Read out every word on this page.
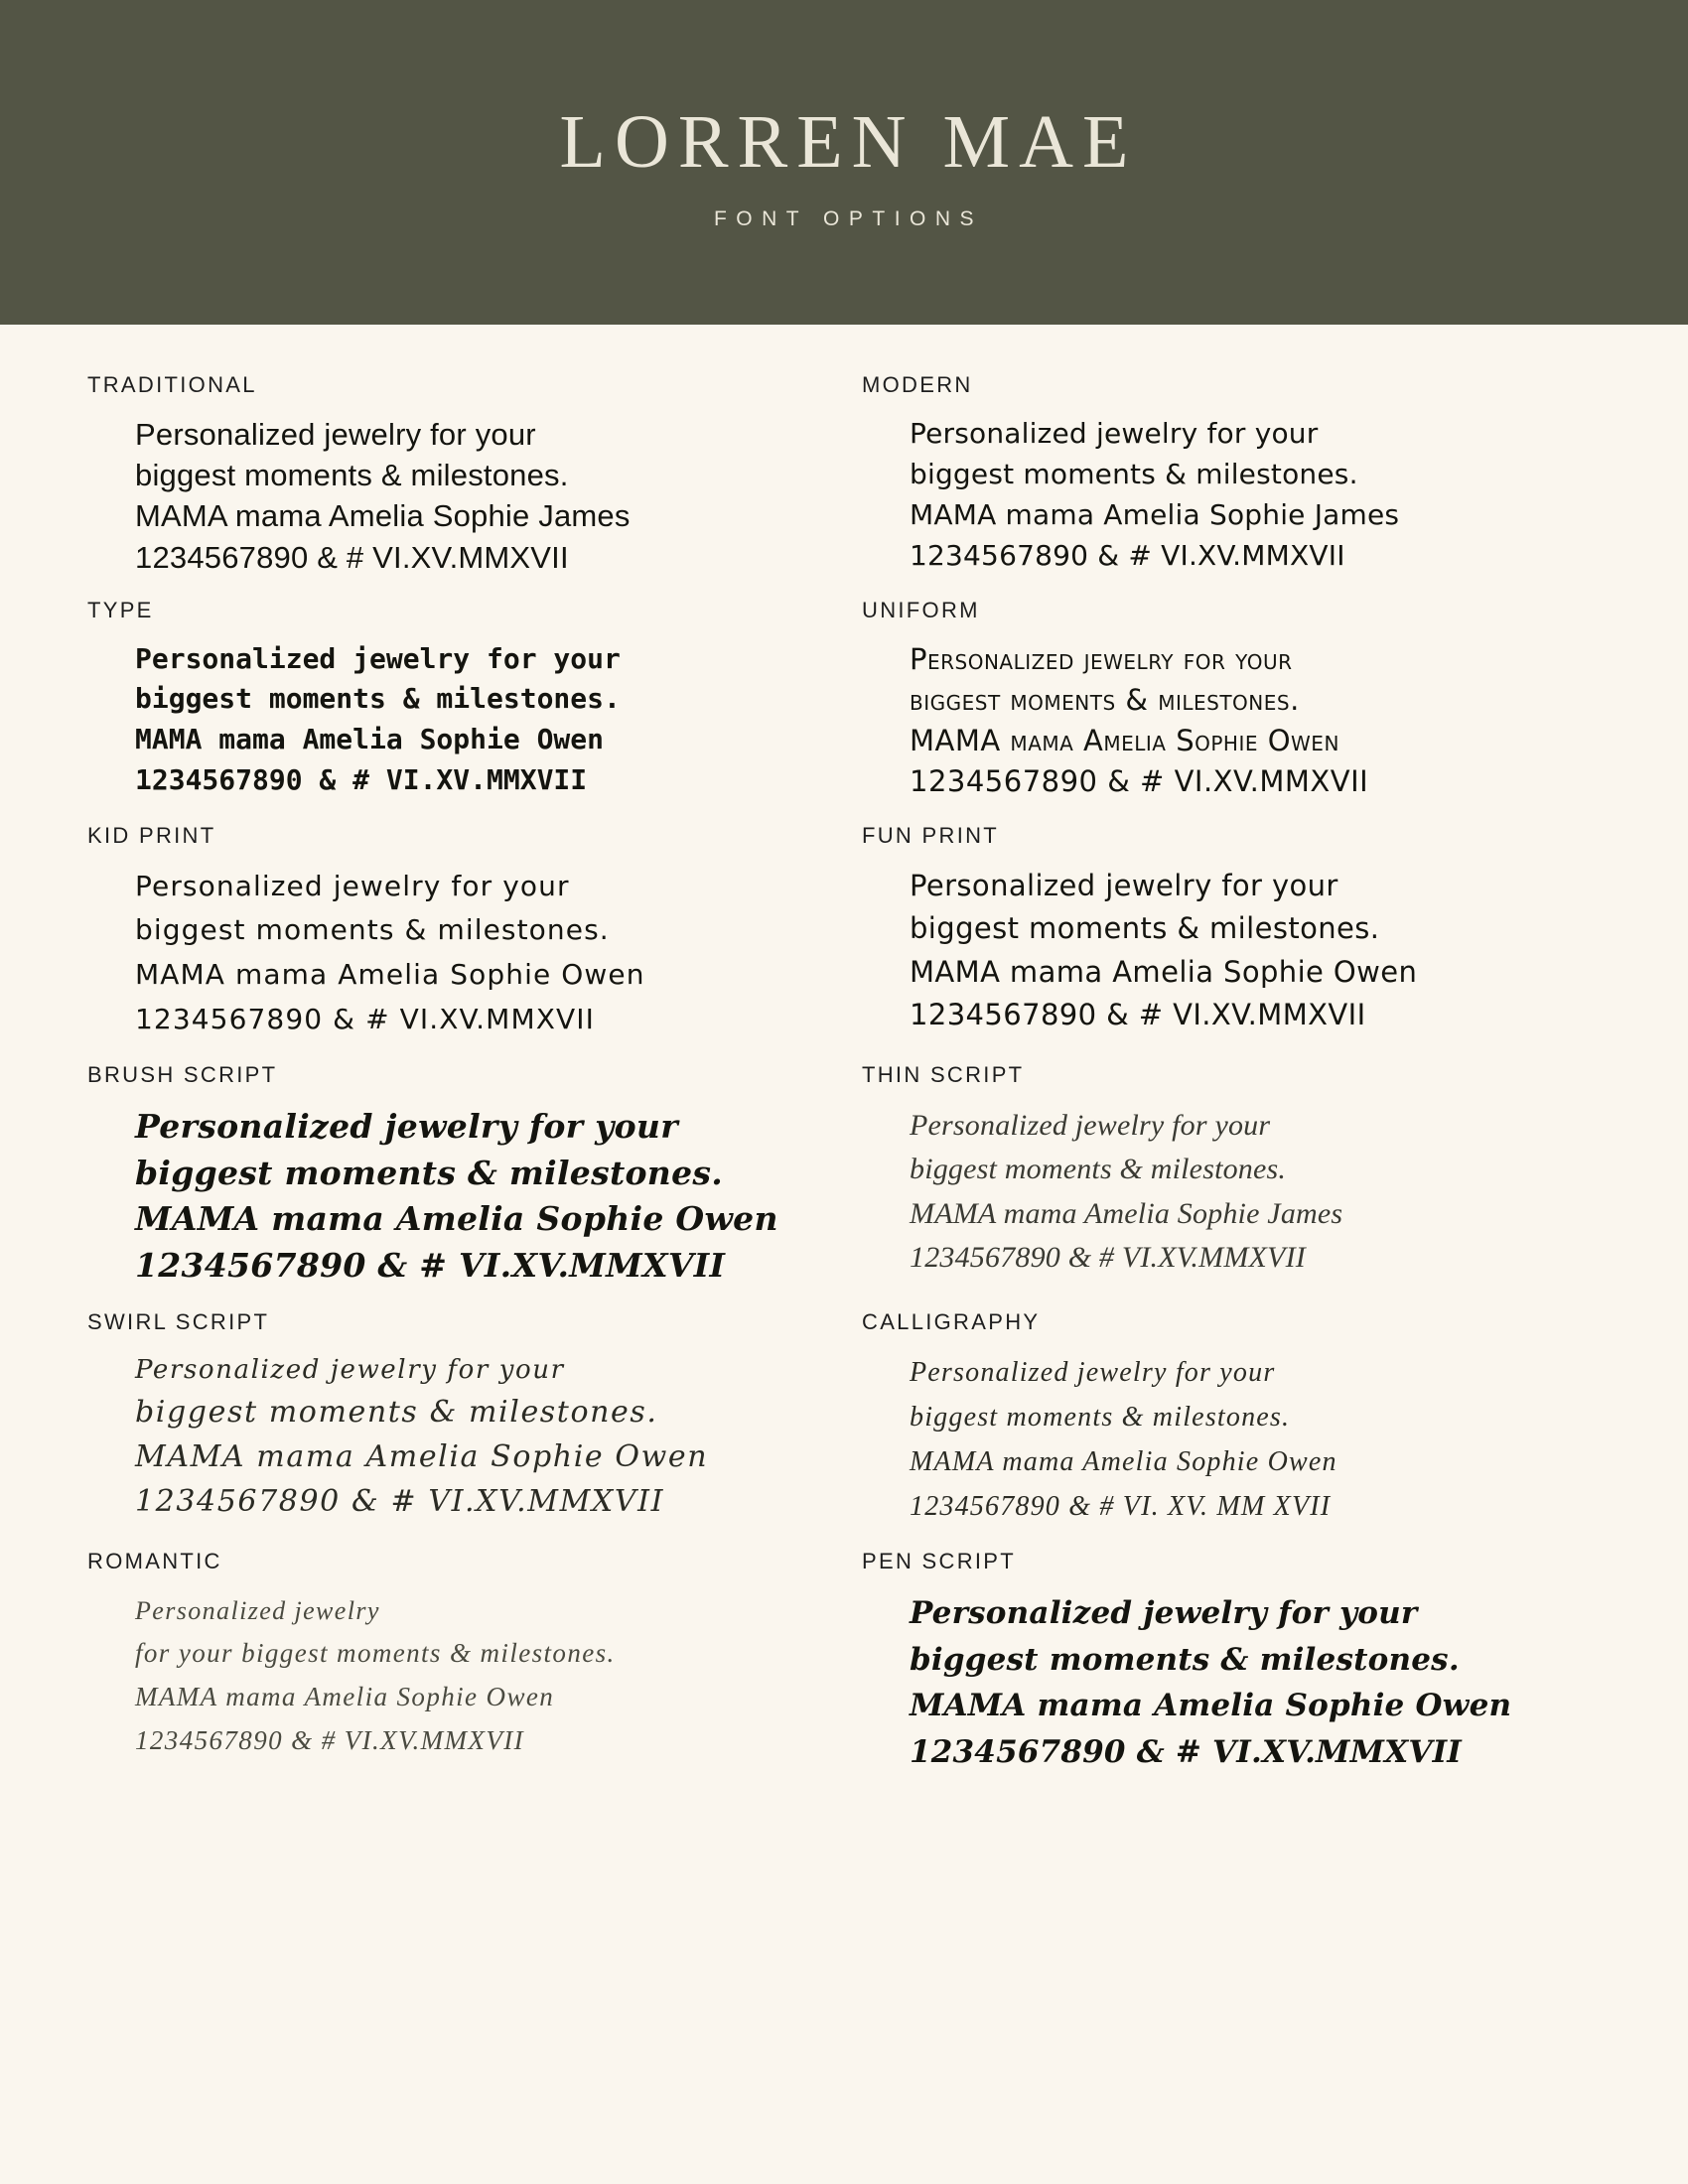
LORREN MAE
FONT OPTIONS
TRADITIONAL
Personalized jewelry for your
biggest moments & milestones.
MAMA mama Amelia Sophie James
1234567890 & # VI.XV.MMXVII
MODERN
Personalized jewelry for your
biggest moments & milestones.
MAMA mama Amelia Sophie James
1234567890 & # VI.XV.MMXVII
TYPE
Personalized jewelry for your
biggest moments & milestones.
MAMA mama Amelia Sophie Owen
1234567890 & # VI.XV.MMXVII
UNIFORM
Personalized jewelry for your
biggest moments & milestones.
MAMA mama Amelia Sophie Owen
1234567890 & # VI.XV.MMXVII
KID PRINT
Personalized jewelry for your
biggest moments & milestones.
MAMA mama Amelia Sophie Owen
1234567890 & # VI.XV.MMXVII
FUN PRINT
Personalized jewelry for your
biggest moments & milestones.
MAMA mama Amelia Sophie Owen
1234567890 & # VI.XV.MMXVII
BRUSH SCRIPT
Personalized jewelry for your
biggest moments & milestones.
MAMA mama Amelia Sophie Owen
1234567890 & # VI.XV.MMXVII
THIN SCRIPT
Personalized jewelry for your
biggest moments & milestones.
MAMA mama Amelia Sophie James
1234567890 & # VI.XV.MMXVII
SWIRL SCRIPT
Personalized jewelry for your
biggest moments & milestones.
MAMA mama Amelia Sophie Owen
1234567890 & # VI.XV.MMXVII
CALLIGRAPHY
Personalized jewelry for your
biggest moments & milestones.
MAMA mama Amelia Sophie Owen
1234567890 & # VI. XV. MM XVII
ROMANTIC
Personalized jewelry
for your biggest moments & milestones.
MAMA mama Amelia Sophie Owen
1234567890 & # VI.XV.MMXVII
PEN SCRIPT
Personalized jewelry for your
biggest moments & milestones.
MAMA mama Amelia Sophie Owen
1234567890 & # VI.XV.MMXVII
